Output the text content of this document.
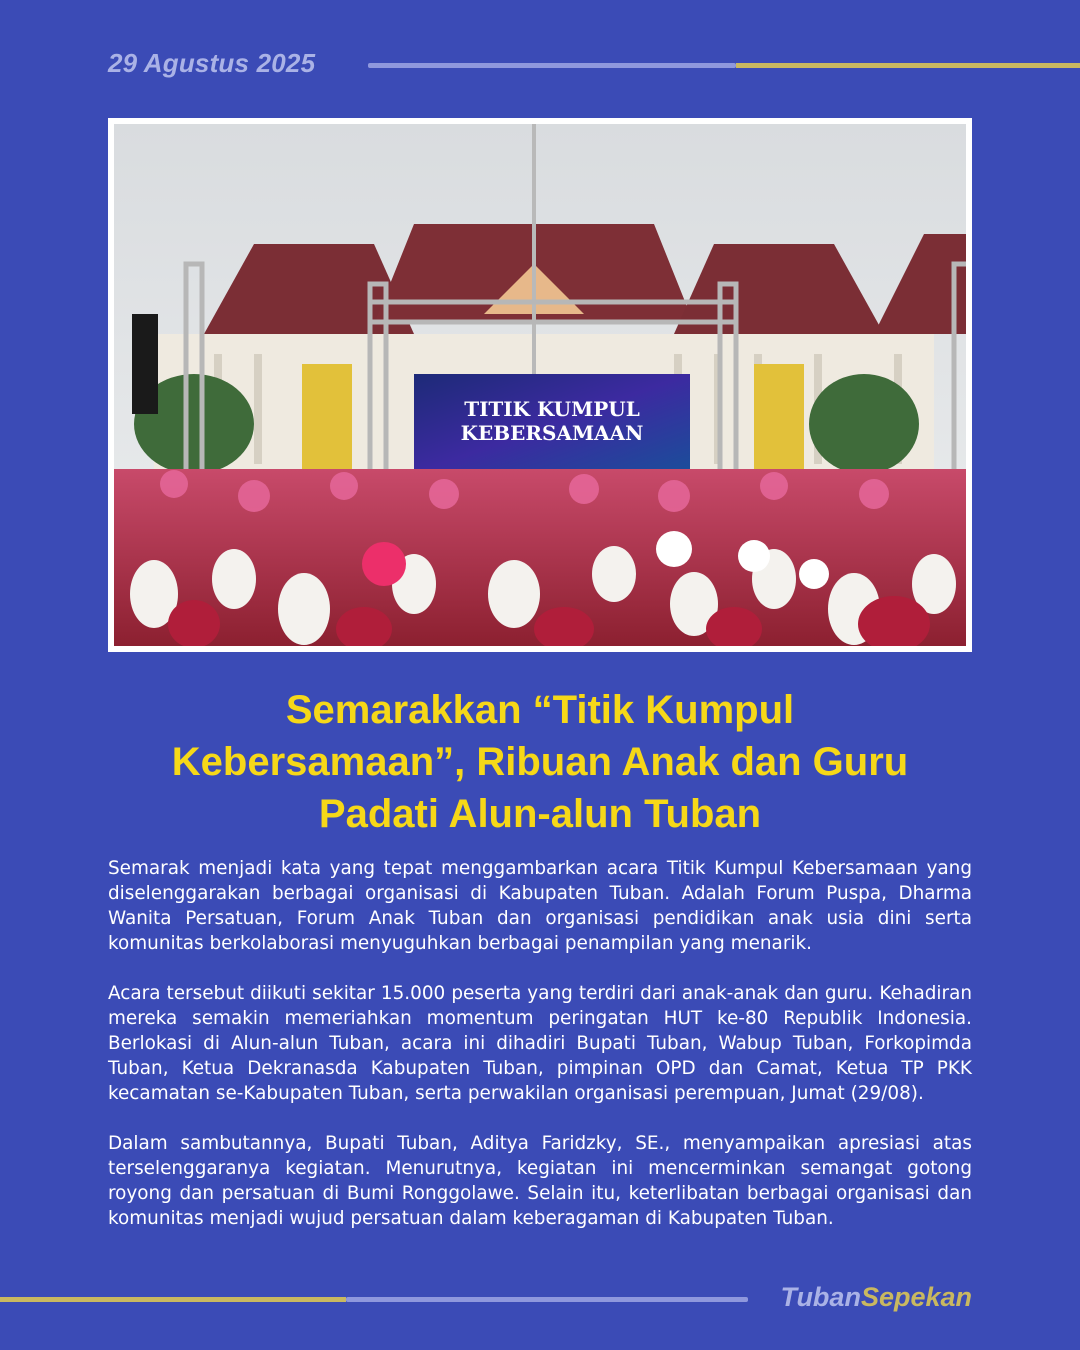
29 Agustus 2025
TITIK KUMPUL
KEBERSAMAAN
Semarakkan “Titik Kumpul
Kebersamaan”, Ribuan Anak dan Guru
Padati Alun-alun Tuban

Semarak menjadi kata yang tepat menggambarkan acara Titik Kumpul Kebersamaan yang diselenggarakan berbagai organisasi di Kabupaten Tuban. Adalah Forum Puspa, Dharma Wanita Persatuan, Forum Anak Tuban dan organisasi pendidikan anak usia dini serta komunitas berkolaborasi menyuguhkan berbagai penampilan yang menarik.

Acara tersebut diikuti sekitar 15.000 peserta yang terdiri dari anak-anak dan guru. Kehadiran mereka semakin memeriahkan momentum peringatan HUT ke-80 Republik Indonesia. Berlokasi di Alun-alun Tuban, acara ini dihadiri Bupati Tuban, Wabup Tuban, Forkopimda Tuban, Ketua Dekranasda Kabupaten Tuban, pimpinan OPD dan Camat, Ketua TP PKK kecamatan se-Kabupaten Tuban, serta perwakilan organisasi perempuan, Jumat (29/08).

Dalam sambutannya, Bupati Tuban, Aditya Faridzky, SE., menyampaikan apresiasi atas terselenggaranya kegiatan. Menurutnya, kegiatan ini mencerminkan semangat gotong royong dan persatuan di Bumi Ronggolawe. Selain itu, keterlibatan berbagai organisasi dan komunitas menjadi wujud persatuan dalam keberagaman di Kabupaten Tuban.

TubanSepekan
